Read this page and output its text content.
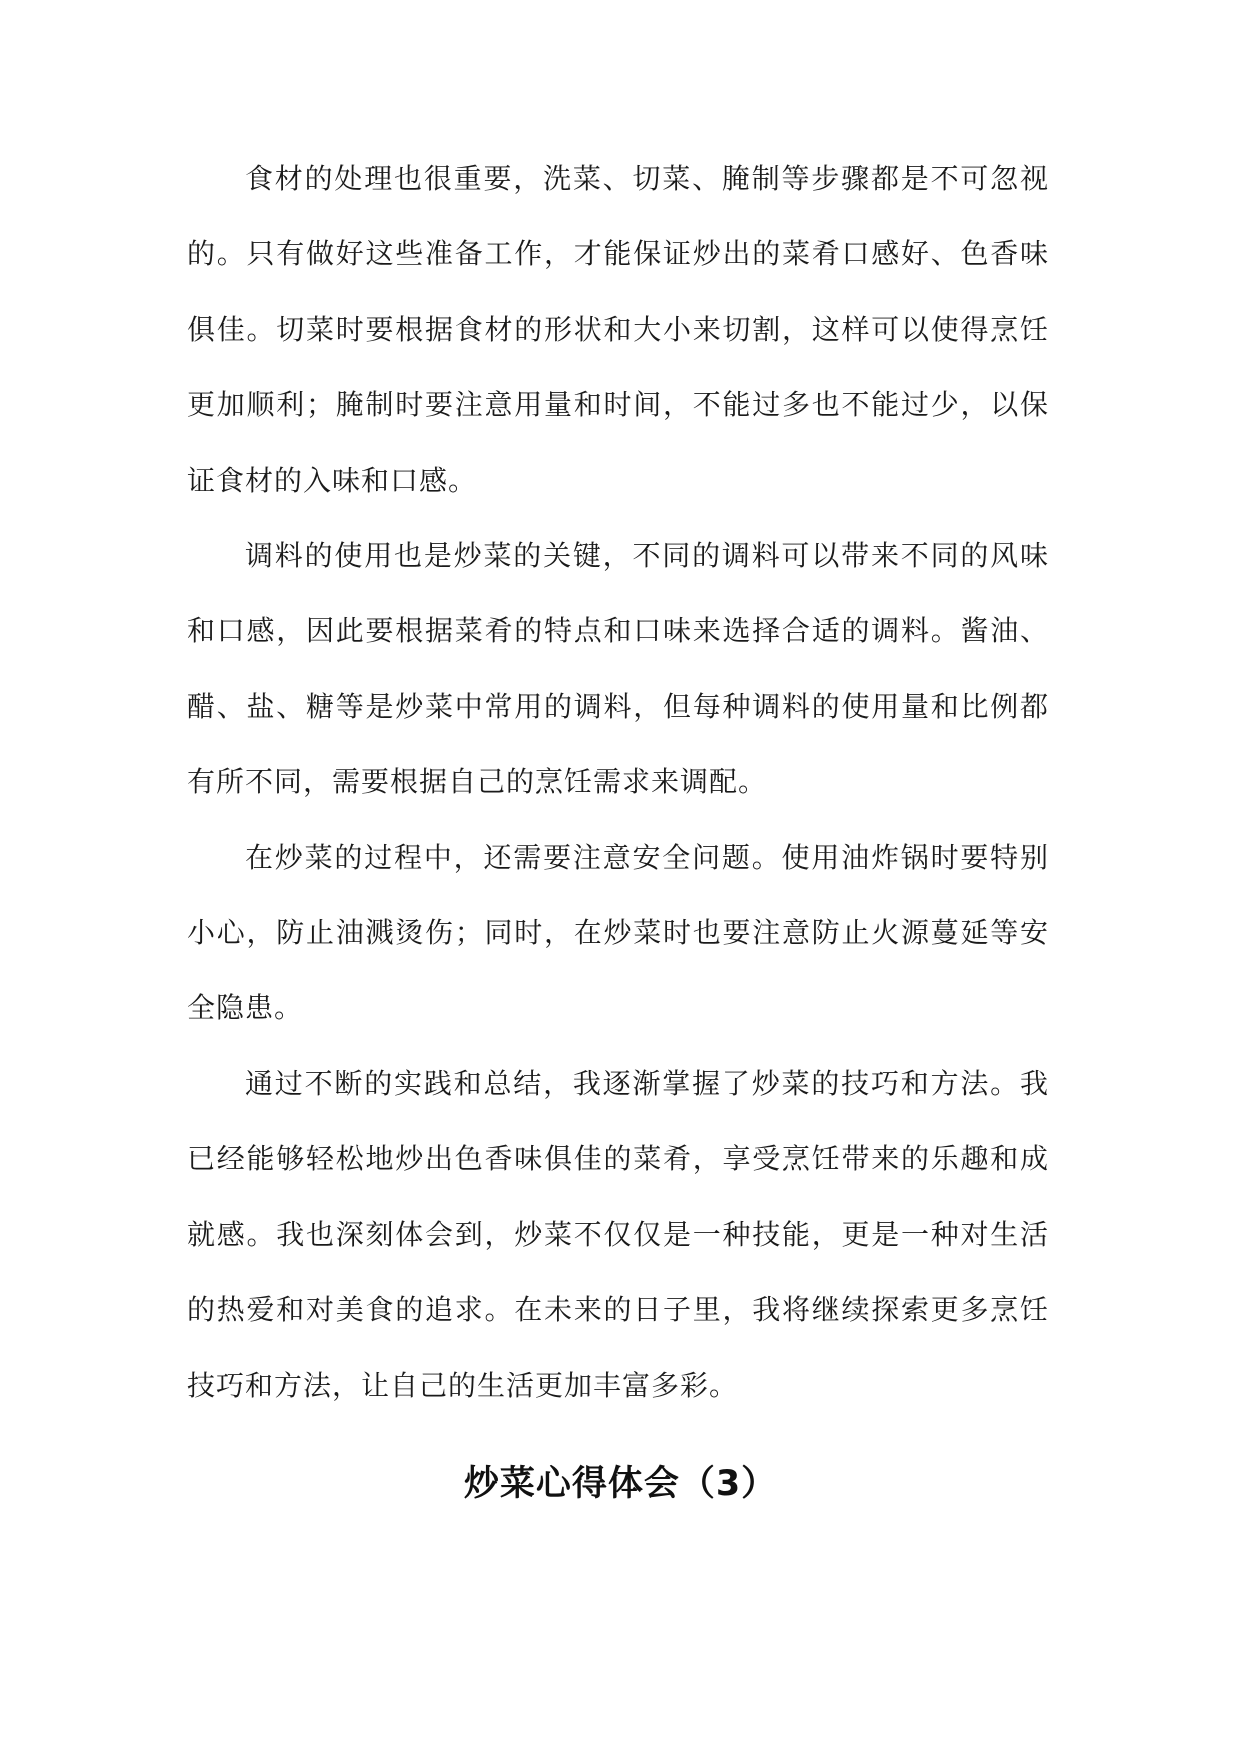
食材的处理也很重要，洗菜、切菜、腌制等步骤都是不可忽视的。只有做好这些准备工作，才能保证炒出的菜肴口感好、色香味俱佳。切菜时要根据食材的形状和大小来切割，这样可以使得烹饪更加顺利；腌制时要注意用量和时间，不能过多也不能过少，以保证食材的入味和口感。

调料的使用也是炒菜的关键，不同的调料可以带来不同的风味和口感，因此要根据菜肴的特点和口味来选择合适的调料。酱油、醋、盐、糖等是炒菜中常用的调料，但每种调料的使用量和比例都有所不同，需要根据自己的烹饪需求来调配。

在炒菜的过程中，还需要注意安全问题。使用油炸锅时要特别小心，防止油溅烫伤；同时，在炒菜时也要注意防止火源蔓延等安全隐患。

通过不断的实践和总结，我逐渐掌握了炒菜的技巧和方法。我已经能够轻松地炒出色香味俱佳的菜肴，享受烹饪带来的乐趣和成就感。我也深刻体会到，炒菜不仅仅是一种技能，更是一种对生活的热爱和对美食的追求。在未来的日子里，我将继续探索更多烹饪技巧和方法，让自己的生活更加丰富多彩。

炒菜心得体会（3）
